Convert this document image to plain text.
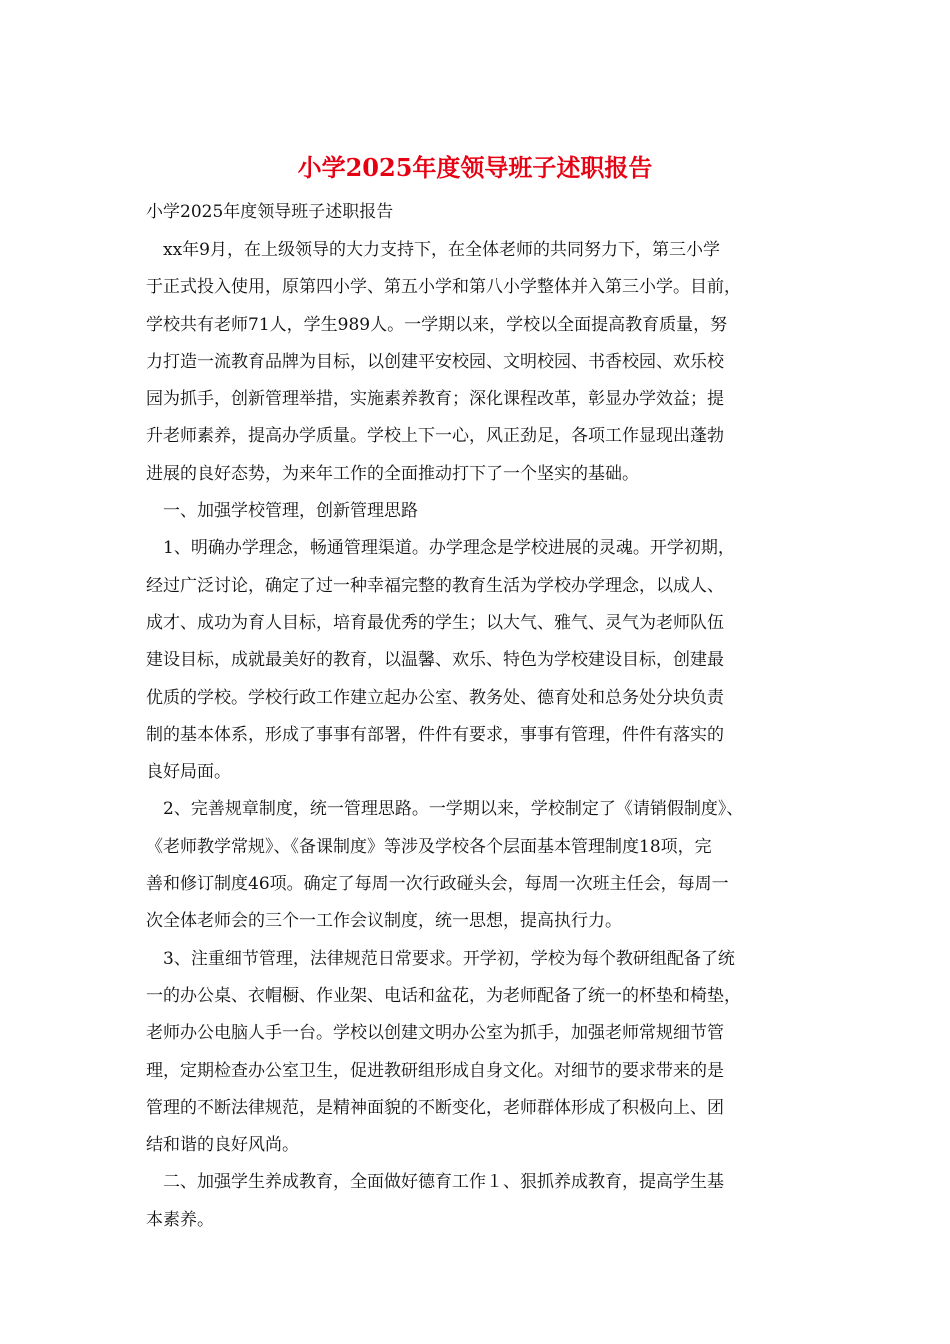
小学2025年度领导班子述职报告
小学2025年度领导班子述职报告
xx年9月，在上级领导的大力支持下，在全体老师的共同努力下，第三小学
于正式投入使用，原第四小学、第五小学和第八小学整体并入第三小学。目前，
学校共有老师71人，学生989人。一学期以来，学校以全面提高教育质量，努
力打造一流教育品牌为目标，以创建平安校园、文明校园、书香校园、欢乐校
园为抓手，创新管理举措，实施素养教育；深化课程改革，彰显办学效益；提
升老师素养，提高办学质量。学校上下一心，风正劲足，各项工作显现出蓬勃
进展的良好态势，为来年工作的全面推动打下了一个坚实的基础。
一、加强学校管理，创新管理思路
1、明确办学理念，畅通管理渠道。办学理念是学校进展的灵魂。开学初期，
经过广泛讨论，确定了过一种幸福完整的教育生活为学校办学理念，以成人、
成才、成功为育人目标，培育最优秀的学生；以大气、雅气、灵气为老师队伍
建设目标，成就最美好的教育，以温馨、欢乐、特色为学校建设目标，创建最
优质的学校。学校行政工作建立起办公室、教务处、德育处和总务处分块负责
制的基本体系，形成了事事有部署，件件有要求，事事有管理，件件有落实的
良好局面。
2、完善规章制度，统一管理思路。一学期以来，学校制定了《请销假制度》、
《老师教学常规》、《备课制度》等涉及学校各个层面基本管理制度18项，完
善和修订制度46项。确定了每周一次行政碰头会，每周一次班主任会，每周一
次全体老师会的三个一工作会议制度，统一思想，提高执行力。
3、注重细节管理，法律规范日常要求。开学初，学校为每个教研组配备了统
一的办公桌、衣帽橱、作业架、电话和盆花，为老师配备了统一的杯垫和椅垫，
老师办公电脑人手一台。学校以创建文明办公室为抓手，加强老师常规细节管
理，定期检查办公室卫生，促进教研组形成自身文化。对细节的要求带来的是
管理的不断法律规范，是精神面貌的不断变化，老师群体形成了积极向上、团
结和谐的良好风尚。
二、加强学生养成教育，全面做好德育工作１、狠抓养成教育，提高学生基
本素养。
